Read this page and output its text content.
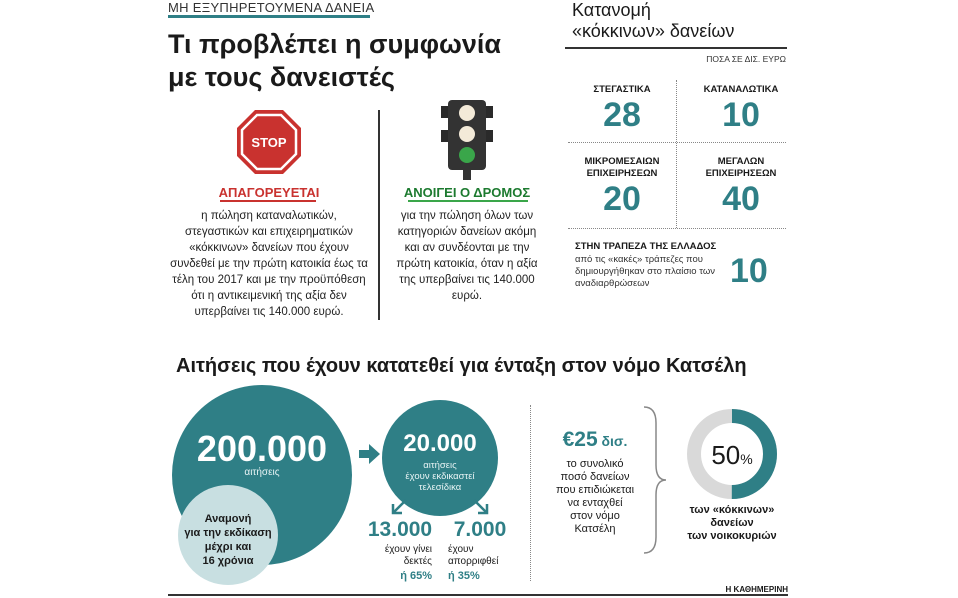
ΜΗ ΕΞΥΠΗΡΕΤΟΥΜΕΝΑ ΔΑΝΕΙΑ
Τι προβλέπει η συμφωνία
με τους δανειστές
STOP
ΑΠΑΓΟΡΕΥΕΤΑΙ
η πώληση καταναλωτικών, στεγαστικών και επιχειρηματικών «κόκκινων» δανείων που έχουν συνδεθεί με την πρώτη κατοικία έως τα τέλη του 2017 και με την προϋπόθεση ότι η αντικειμενική της αξία δεν υπερβαίνει τις 140.000 ευρώ.
ΑΝΟΙΓΕΙ Ο ΔΡΟΜΟΣ
για την πώληση όλων των κατηγοριών δανείων ακόμη και αν συνδέονται με την πρώτη κατοικία, όταν η αξία της υπερβαίνει τις 140.000 ευρώ.
Κατανομή
«κόκκινων» δανείων
ΠΟΣΑ ΣΕ ΔΙΣ. ΕΥΡΩ
ΣΤΕΓΑΣΤΙΚΑ
28
ΚΑΤΑΝΑΛΩΤΙΚΑ
10
ΜΙΚΡΟΜΕΣΑΙΩΝ
ΕΠΙΧΕΙΡΗΣΕΩΝ
20
ΜΕΓΑΛΩΝ
ΕΠΙΧΕΙΡΗΣΕΩΝ
40
ΣΤΗΝ ΤΡΑΠΕΖΑ ΤΗΣ ΕΛΛΑΔΟΣ
από τις «κακές» τράπεζες που δημιουργήθηκαν στο πλαίσιο των αναδιαρθρώσεων	10
Αιτήσεις που έχουν κατατεθεί για ένταξη στον νόμο Κατσέλη
200.000
αιτήσεις
Αναμονή
για την εκδίκαση
μέχρι και
16 χρόνια
20.000
αιτήσεις
έχουν εκδικαστεί
τελεσίδικα
13.000
έχουν γίνει
δεκτές
ή 65%
7.000
έχουν
απορριφθεί
ή 35%
€25 δισ.
το συνολικό
ποσό δανείων
που επιδιώκεται
να ενταχθεί
στον νόμο
Κατσέλη
50%
των «κόκκινων»
δανείων
των νοικοκυριών
Η ΚΑΘΗΜΕΡΙΝΗ
